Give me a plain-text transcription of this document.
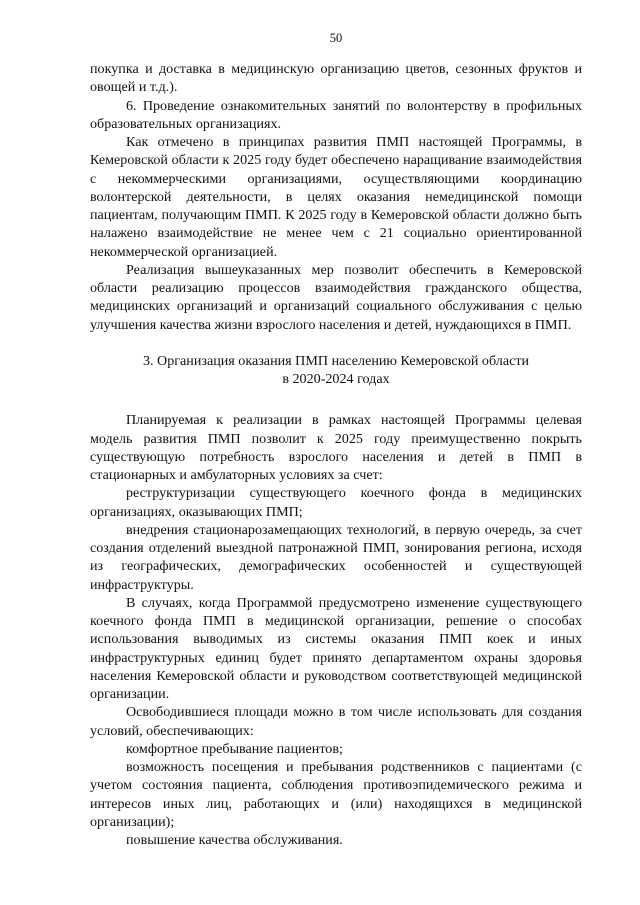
50

покупка и доставка в медицинскую организацию цветов, сезонных фруктов и овощей и т.д.).

6. Проведение ознакомительных занятий по волонтерству в профильных образовательных организациях.

Как отмечено в принципах развития ПМП настоящей Программы, в Кемеровской области к 2025 году будет обеспечено наращивание взаимодействия с некоммерческими организациями, осуществляющими координацию волонтерской деятельности, в целях оказания немедицинской помощи пациентам, получающим ПМП. К 2025 году в Кемеровской области должно быть налажено взаимодействие не менее чем с 21 социально ориентированной некоммерческой организацией.

Реализация вышеуказанных мер позволит обеспечить в Кемеровской области реализацию процессов взаимодействия гражданского общества, медицинских организаций и организаций социального обслуживания с целью улучшения качества жизни взрослого населения и детей, нуждающихся в ПМП.

3. Организация оказания ПМП населению Кемеровской области
в 2020-2024 годах

Планируемая к реализации в рамках настоящей Программы целевая модель развития ПМП позволит к 2025 году преимущественно покрыть существующую потребность взрослого населения и детей в ПМП в стационарных и амбулаторных условиях за счет:

реструктуризации существующего коечного фонда в медицинских организациях, оказывающих ПМП;

внедрения стационарозамещающих технологий, в первую очередь, за счет создания отделений выездной патронажной ПМП, зонирования региона, исходя из географических, демографических особенностей и существующей инфраструктуры.

В случаях, когда Программой предусмотрено изменение существующего коечного фонда ПМП в медицинской организации, решение о способах использования выводимых из системы оказания ПМП коек и иных инфраструктурных единиц будет принято департаментом охраны здоровья населения Кемеровской области и руководством соответствующей медицинской организации.

Освободившиеся площади можно в том числе использовать для создания условий, обеспечивающих:

комфортное пребывание пациентов;

возможность посещения и пребывания родственников с пациентами (с учетом состояния пациента, соблюдения противоэпидемического режима и интересов иных лиц, работающих и (или) находящихся в медицинской организации);

повышение качества обслуживания.
